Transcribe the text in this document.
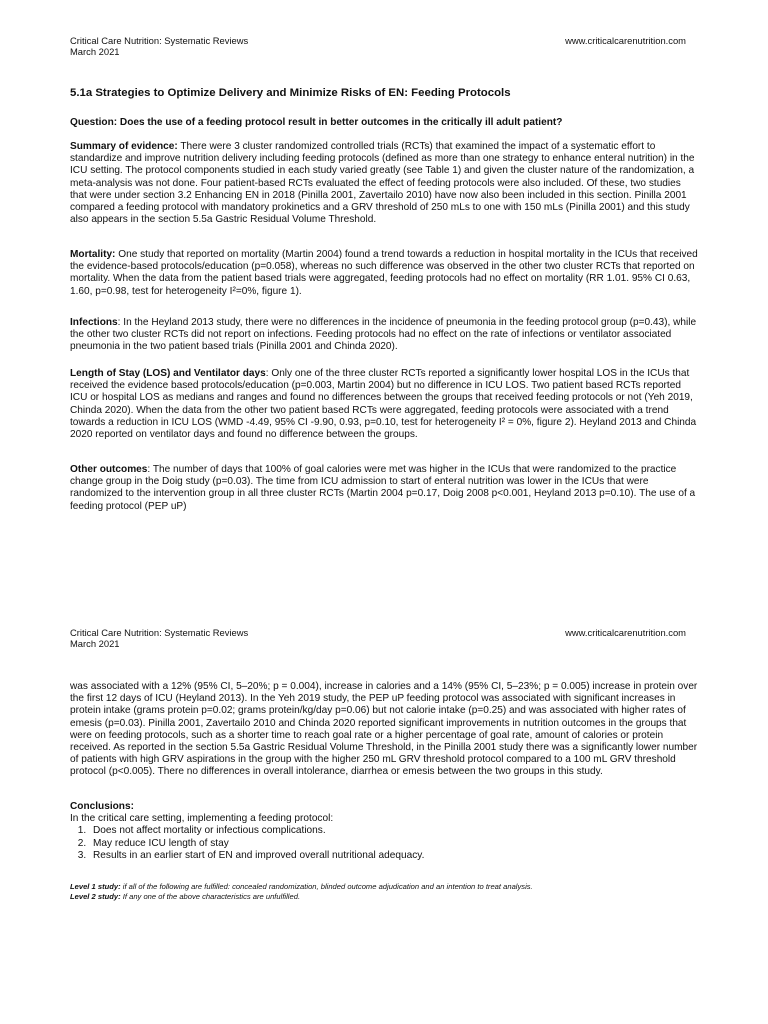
Critical Care Nutrition: Systematic Reviews
March 2021
www.criticalcarenutrition.com
5.1a Strategies to Optimize Delivery and Minimize Risks of EN: Feeding Protocols
Question: Does the use of a feeding protocol result in better outcomes in the critically ill adult patient?
Summary of evidence: There were 3 cluster randomized controlled trials (RCTs) that examined the impact of a systematic effort to standardize and improve nutrition delivery including feeding protocols (defined as more than one strategy to enhance enteral nutrition) in the ICU setting. The protocol components studied in each study varied greatly (see Table 1) and given the cluster nature of the randomization, a meta-analysis was not done. Four patient-based RCTs evaluated the effect of feeding protocols were also included. Of these, two studies that were under section 3.2 Enhancing EN in 2018 (Pinilla 2001, Zavertailo 2010) have now also been included in this section. Pinilla 2001 compared a feeding protocol with mandatory prokinetics and a GRV threshold of 250 mLs to one with 150 mLs (Pinilla 2001) and this study also appears in the section 5.5a Gastric Residual Volume Threshold.
Mortality: One study that reported on mortality (Martin 2004) found a trend towards a reduction in hospital mortality in the ICUs that received the evidence-based protocols/education (p=0.058), whereas no such difference was observed in the other two cluster RCTs that reported on mortality. When the data from the patient based trials were aggregated, feeding protocols had no effect on mortality (RR 1.01. 95% CI 0.63, 1.60, p=0.98, test for heterogeneity I²=0%, figure 1).
Infections: In the Heyland 2013 study, there were no differences in the incidence of pneumonia in the feeding protocol group (p=0.43), while the other two cluster RCTs did not report on infections. Feeding protocols had no effect on the rate of infections or ventilator associated pneumonia in the two patient based trials (Pinilla 2001 and Chinda 2020).
Length of Stay (LOS) and Ventilator days: Only one of the three cluster RCTs reported a significantly lower hospital LOS in the ICUs that received the evidence based protocols/education (p=0.003, Martin 2004) but no difference in ICU LOS. Two patient based RCTs reported ICU or hospital LOS as medians and ranges and found no differences between the groups that received feeding protocols or not (Yeh 2019, Chinda 2020). When the data from the other two patient based RCTs were aggregated, feeding protocols were associated with a trend towards a reduction in ICU LOS (WMD -4.49, 95% CI -9.90, 0.93, p=0.10, test for heterogeneity I² = 0%, figure 2). Heyland 2013 and Chinda 2020 reported on ventilator days and found no difference between the groups.
Other outcomes: The number of days that 100% of goal calories were met was higher in the ICUs that were randomized to the practice change group in the Doig study (p=0.03). The time from ICU admission to start of enteral nutrition was lower in the ICUs that were randomized to the intervention group in all three cluster RCTs (Martin 2004 p=0.17, Doig 2008 p<0.001, Heyland 2013 p=0.10). The use of a feeding protocol (PEP uP)
Critical Care Nutrition: Systematic Reviews
March 2021
www.criticalcarenutrition.com
was associated with a 12% (95% CI, 5–20%; p = 0.004), increase in calories and a 14% (95% CI, 5–23%; p = 0.005) increase in protein over the first 12 days of ICU (Heyland 2013). In the Yeh 2019 study, the PEP uP feeding protocol was associated with significant increases in protein intake (grams protein p=0.02; grams protein/kg/day p=0.06) but not calorie intake (p=0.25) and was associated with higher rates of emesis (p=0.03). Pinilla 2001, Zavertailo 2010 and Chinda 2020 reported significant improvements in nutrition outcomes in the groups that were on feeding protocols, such as a shorter time to reach goal rate or a higher percentage of goal rate, amount of calories or protein received. As reported in the section 5.5a Gastric Residual Volume Threshold, in the Pinilla 2001 study there was a significantly lower number of patients with high GRV aspirations in the group with the higher 250 mL GRV threshold protocol compared to a 100 mL GRV threshold protocol (p<0.005). There no differences in overall intolerance, diarrhea or emesis between the two groups in this study.
Conclusions:
In the critical care setting, implementing a feeding protocol:
1. Does not affect mortality or infectious complications.
2. May reduce ICU length of stay
3. Results in an earlier start of EN and improved overall nutritional adequacy.
Level 1 study: if all of the following are fulfilled: concealed randomization, blinded outcome adjudication and an intention to treat analysis.
Level 2 study: If any one of the above characteristics are unfulfilled.
